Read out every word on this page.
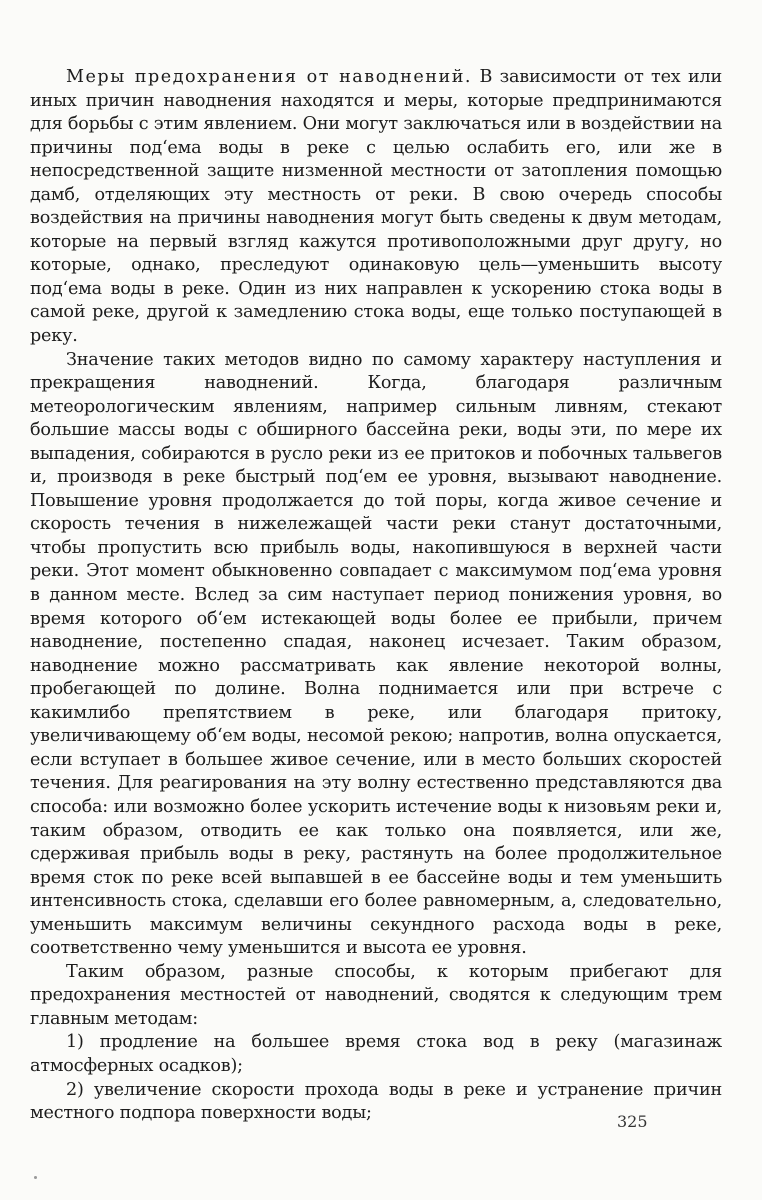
Меры предохранения от наводнений. В зависимости от тех или иных причин наводнения находятся и меры, которые предпринимаются для борьбы с этим явлением. Они могут заключаться или в воздействии на причины под‘ема воды в реке с целью ослабить его, или же в непосредственной защите низменной местности от затопления помощью дамб, отделяющих эту местность от реки. В свою очередь способы воздействия на причины наводнения могут быть сведены к двум методам, которые на первый взгляд кажутся противоположными друг другу, но которые, однако, преследуют одинаковую цель—уменьшить высоту под‘ема воды в реке. Один из них направлен к ускорению стока воды в самой реке, другой к замедлению стока воды, еще только поступающей в реку.

Значение таких методов видно по самому характеру наступления и прекращения наводнений. Когда, благодаря различным метеорологическим явлениям, например сильным ливням, стекают большие массы воды с обширного бассейна реки, воды эти, по мере их выпадения, собираются в русло реки из ее притоков и побочных тальвегов и, производя в реке быстрый под‘ем ее уровня, вызывают наводнение. Повышение уровня продолжается до той поры, когда живое сечение и скорость течения в нижележащей части реки станут достаточными, чтобы пропустить всю прибыль воды, накопившуюся в верхней части реки. Этот момент обыкновенно совпадает с максимумом под‘ема уровня в данном месте. Вслед за сим наступает период понижения уровня, во время которого об‘ем истекающей воды более ее прибыли, причем наводнение, постепенно спадая, наконец исчезает. Таким образом, наводнение можно рассматривать как явление некоторой волны, пробегающей по долине. Волна поднимается или при встрече с какимлибо препятствием в реке, или благодаря притоку, увеличивающему об‘ем воды, несомой рекою; напротив, волна опускается, если вступает в большее живое сечение, или в место больших скоростей течения. Для реагирования на эту волну естественно представляются два способа: или возможно более ускорить истечение воды к низовьям реки и, таким образом, отводить ее как только она появляется, или же, сдерживая прибыль воды в реку, растянуть на более продолжительное время сток по реке всей выпавшей в ее бассейне воды и тем уменьшить интенсивность стока, сделавши его более равномерным, а, следовательно, уменьшить максимум величины секундного расхода воды в реке, соответственно чему уменьшится и высота ее уровня.

Таким образом, разные способы, к которым прибегают для предохранения местностей от наводнений, сводятся к следующим трем главным методам:

1) продление на большее время стока вод в реку (магазинаж атмосферных осадков);

2) увеличение скорости прохода воды в реке и устранение причин местного подпора поверхности воды;	325
